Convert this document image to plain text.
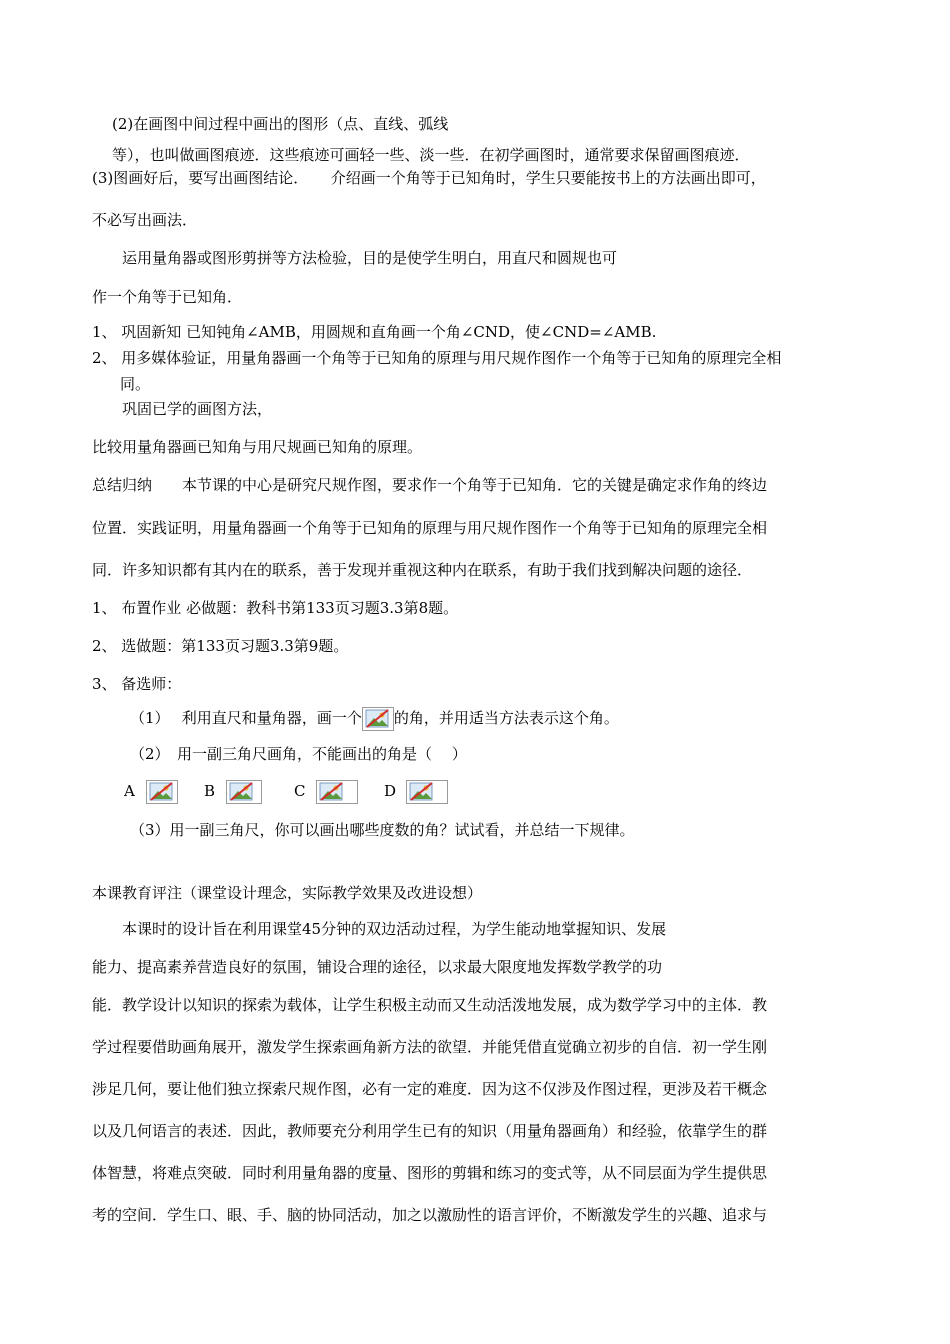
(2)在画图中间过程中画出的图形（点、直线、弧线
等），也叫做画图痕迹．这些痕迹可画轻一些、淡一些．在初学画图时，通常要求保留画图痕迹．
(3)图画好后，要写出画图结论．　　介绍画一个角等于已知角时，学生只要能按书上的方法画出即可，
不必写出画法．
运用量角器或图形剪拼等方法检验，目的是使学生明白，用直尺和圆规也可
作一个角等于已知角．
1、 巩固新知 已知钝角∠AMB，用圆规和直角画一个角∠CND，使∠CND=∠AMB.
2、 用多媒体验证，用量角器画一个角等于已知角的原理与用尺规作图作一个角等于已知角的原理完全相
同。
巩固已学的画图方法，
比较用量角器画已知角与用尺规画已知角的原理。
总结归纳　　本节课的中心是研究尺规作图，要求作一个角等于已知角．它的关键是确定求作角的终边
位置．实践证明，用量角器画一个角等于已知角的原理与用尺规作图作一个角等于已知角的原理完全相
同．许多知识都有其内在的联系，善于发现并重视这种内在联系，有助于我们找到解决问题的途径．
1、 布置作业 必做题：教科书第133页习题3.3第8题。
2、 选做题：第133页习题3.3第9题。
3、 备选师：
（1）　 利用直尺和量角器，画一个 的角，并用适当方法表示这个角。
（2）　用一副三角尺画角，不能画出的角是（　 ）
A	B	C	D
（3）用一副三角尺，你可以画出哪些度数的角？试试看，并总结一下规律。
本课教育评注（课堂设计理念，实际教学效果及改进设想）
本课时的设计旨在利用课堂45分钟的双边活动过程，为学生能动地掌握知识、发展
能力、提高素养营造良好的氛围，铺设合理的途径，以求最大限度地发挥数学教学的功
能．教学设计以知识的探索为载体，让学生积极主动而又生动活泼地发展，成为数学学习中的主体．教
学过程要借助画角展开，激发学生探索画角新方法的欲望．并能凭借直觉确立初步的自信．初一学生刚
涉足几何，要让他们独立探索尺规作图，必有一定的难度．因为这不仅涉及作图过程，更涉及若干概念
以及几何语言的表述．因此，教师要充分利用学生已有的知识（用量角器画角）和经验，依靠学生的群
体智慧，将难点突破．同时利用量角器的度量、图形的剪辑和练习的变式等，从不同层面为学生提供思
考的空间．学生口、眼、手、脑的协同活动，加之以激励性的语言评价，不断激发学生的兴趣、追求与
